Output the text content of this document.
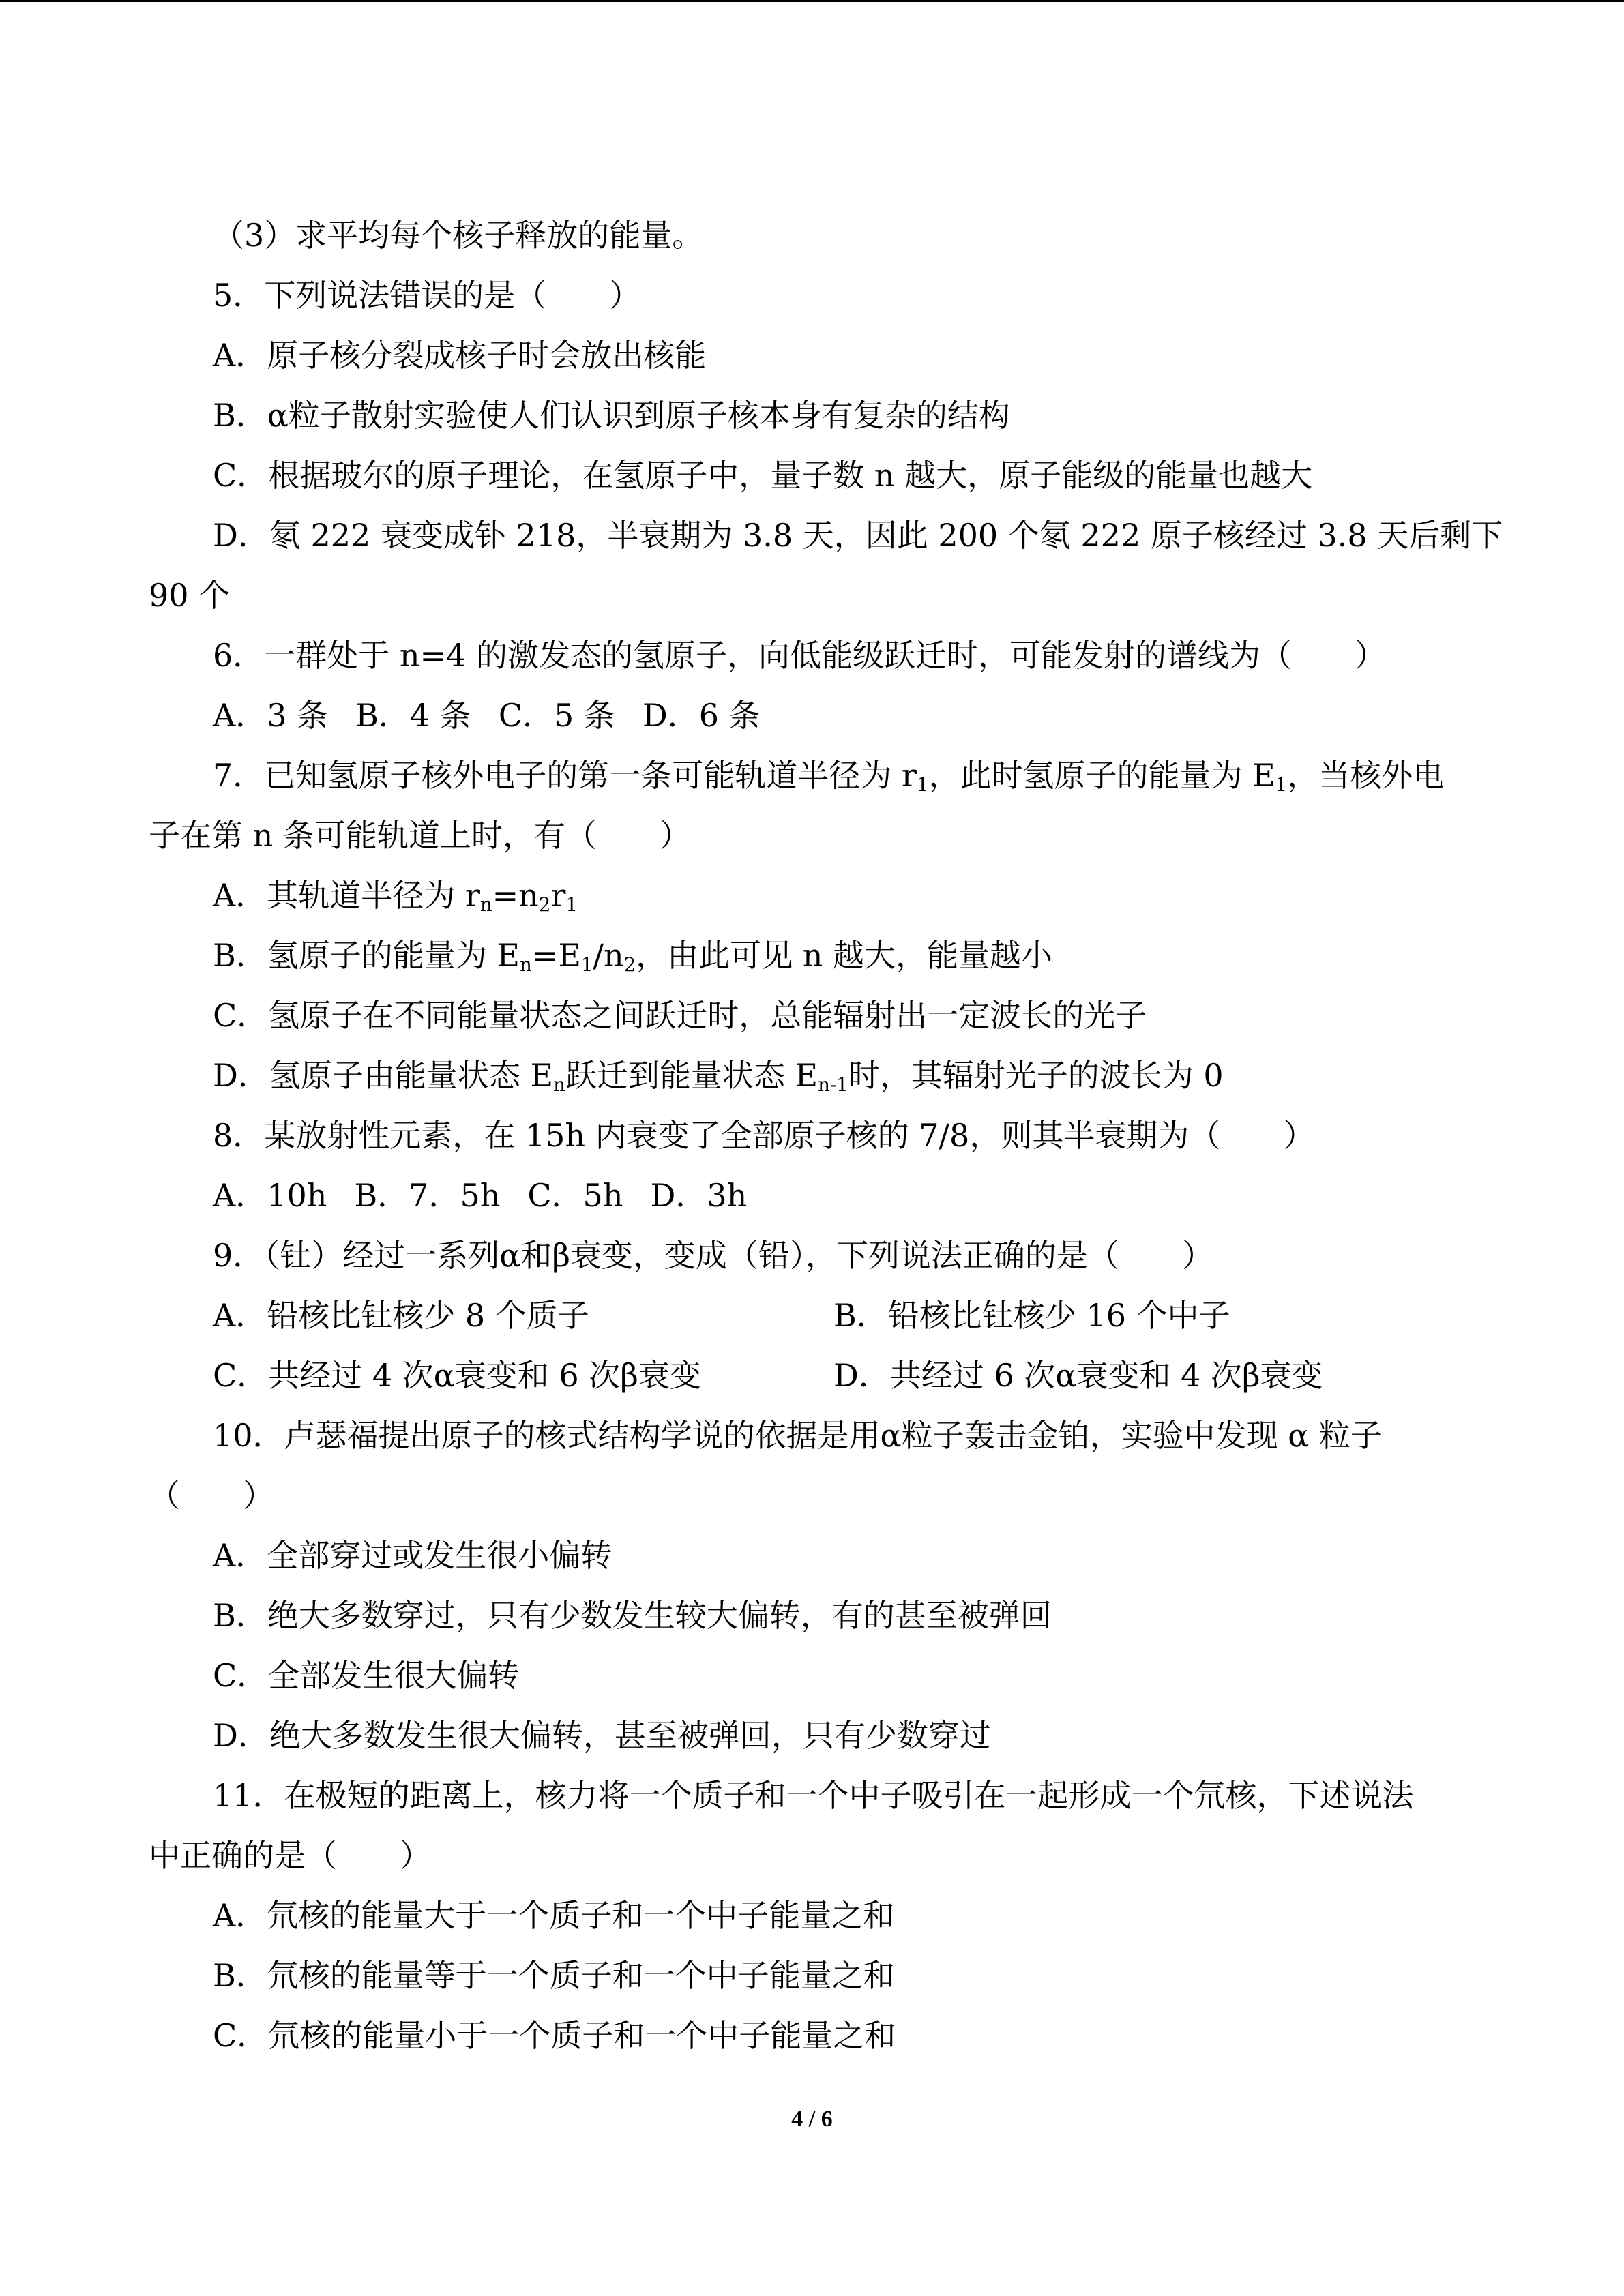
（3）求平均每个核子释放的能量。
5．下列说法错误的是（　　）
A．原子核分裂成核子时会放出核能
B．α粒子散射实验使人们认识到原子核本身有复杂的结构
C．根据玻尔的原子理论，在氢原子中，量子数 n 越大，原子能级的能量也越大
D．氡 222 衰变成钋 218，半衰期为 3.8 天，因此 200 个氡 222 原子核经过 3.8 天后剩下
90 个
6．一群处于 n=4 的激发态的氢原子，向低能级跃迁时，可能发射的谱线为（　　）
A．3 条 B．4 条 C．5 条 D．6 条
7．已知氢原子核外电子的第一条可能轨道半径为 $r_1$，此时氢原子的能量为 $E_1$，当核外电
子在第 n 条可能轨道上时，有（　　）
A．其轨道半径为 $r_n=n_2r_1$
B．氢原子的能量为 $E_n=E_1/n_2$，由此可见 n 越大，能量越小
C．氢原子在不同能量状态之间跃迁时，总能辐射出一定波长的光子
D．氢原子由能量状态 $E_n$跃迁到能量状态 $E_{n-1}$时，其辐射光子的波长为 0
8．某放射性元素，在 15h 内衰变了全部原子核的 7/8，则其半衰期为（　　）
A．10h B．7．5h C．5h D．3h
9．（钍）经过一系列α和β衰变，变成（铅），下列说法正确的是（　　）
A．铅核比钍核少 8 个质子	B．铅核比钍核少 16 个中子
C．共经过 4 次α衰变和 6 次β衰变	D．共经过 6 次α衰变和 4 次β衰变
10．卢瑟福提出原子的核式结构学说的依据是用α粒子轰击金铂，实验中发现 α 粒子
（　　）
A．全部穿过或发生很小偏转
B．绝大多数穿过，只有少数发生较大偏转，有的甚至被弹回
C．全部发生很大偏转
D．绝大多数发生很大偏转，甚至被弹回，只有少数穿过
11．在极短的距离上，核力将一个质子和一个中子吸引在一起形成一个氘核，下述说法
中正确的是（　　）
A．氘核的能量大于一个质子和一个中子能量之和
B．氘核的能量等于一个质子和一个中子能量之和
C．氘核的能量小于一个质子和一个中子能量之和
4 / 6
